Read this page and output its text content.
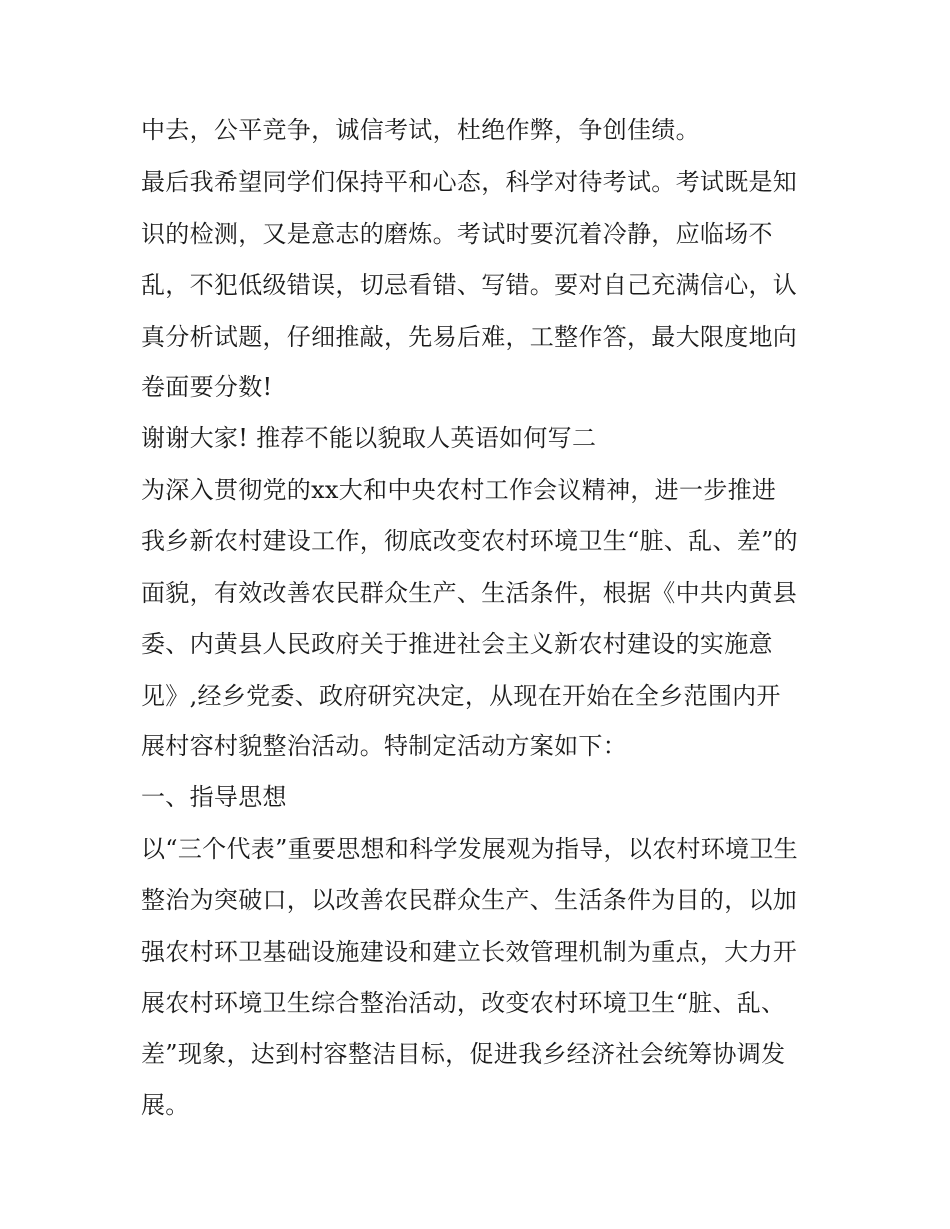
中去，公平竞争，诚信考试，杜绝作弊，争创佳绩。
最后我希望同学们保持平和心态，科学对待考试。考试既是知
识的检测，又是意志的磨炼。考试时要沉着冷静，应临场不
乱，不犯低级错误，切忌看错、写错。要对自己充满信心，认
真分析试题，仔细推敲，先易后难，工整作答，最大限度地向
卷面要分数!
谢谢大家! 推荐不能以貌取人英语如何写二
为深入贯彻党的xx大和中央农村工作会议精神，进一步推进
我乡新农村建设工作，彻底改变农村环境卫生“脏、乱、差”的
面貌，有效改善农民群众生产、生活条件，根据《中共内黄县
委、内黄县人民政府关于推进社会主义新农村建设的实施意
见》,经乡党委、政府研究决定，从现在开始在全乡范围内开
展村容村貌整治活动。特制定活动方案如下：
一、指导思想
以“三个代表”重要思想和科学发展观为指导，以农村环境卫生
整治为突破口，以改善农民群众生产、生活条件为目的，以加
强农村环卫基础设施建设和建立长效管理机制为重点，大力开
展农村环境卫生综合整治活动，改变农村环境卫生“脏、乱、
差”现象，达到村容整洁目标，促进我乡经济社会统筹协调发
展。
